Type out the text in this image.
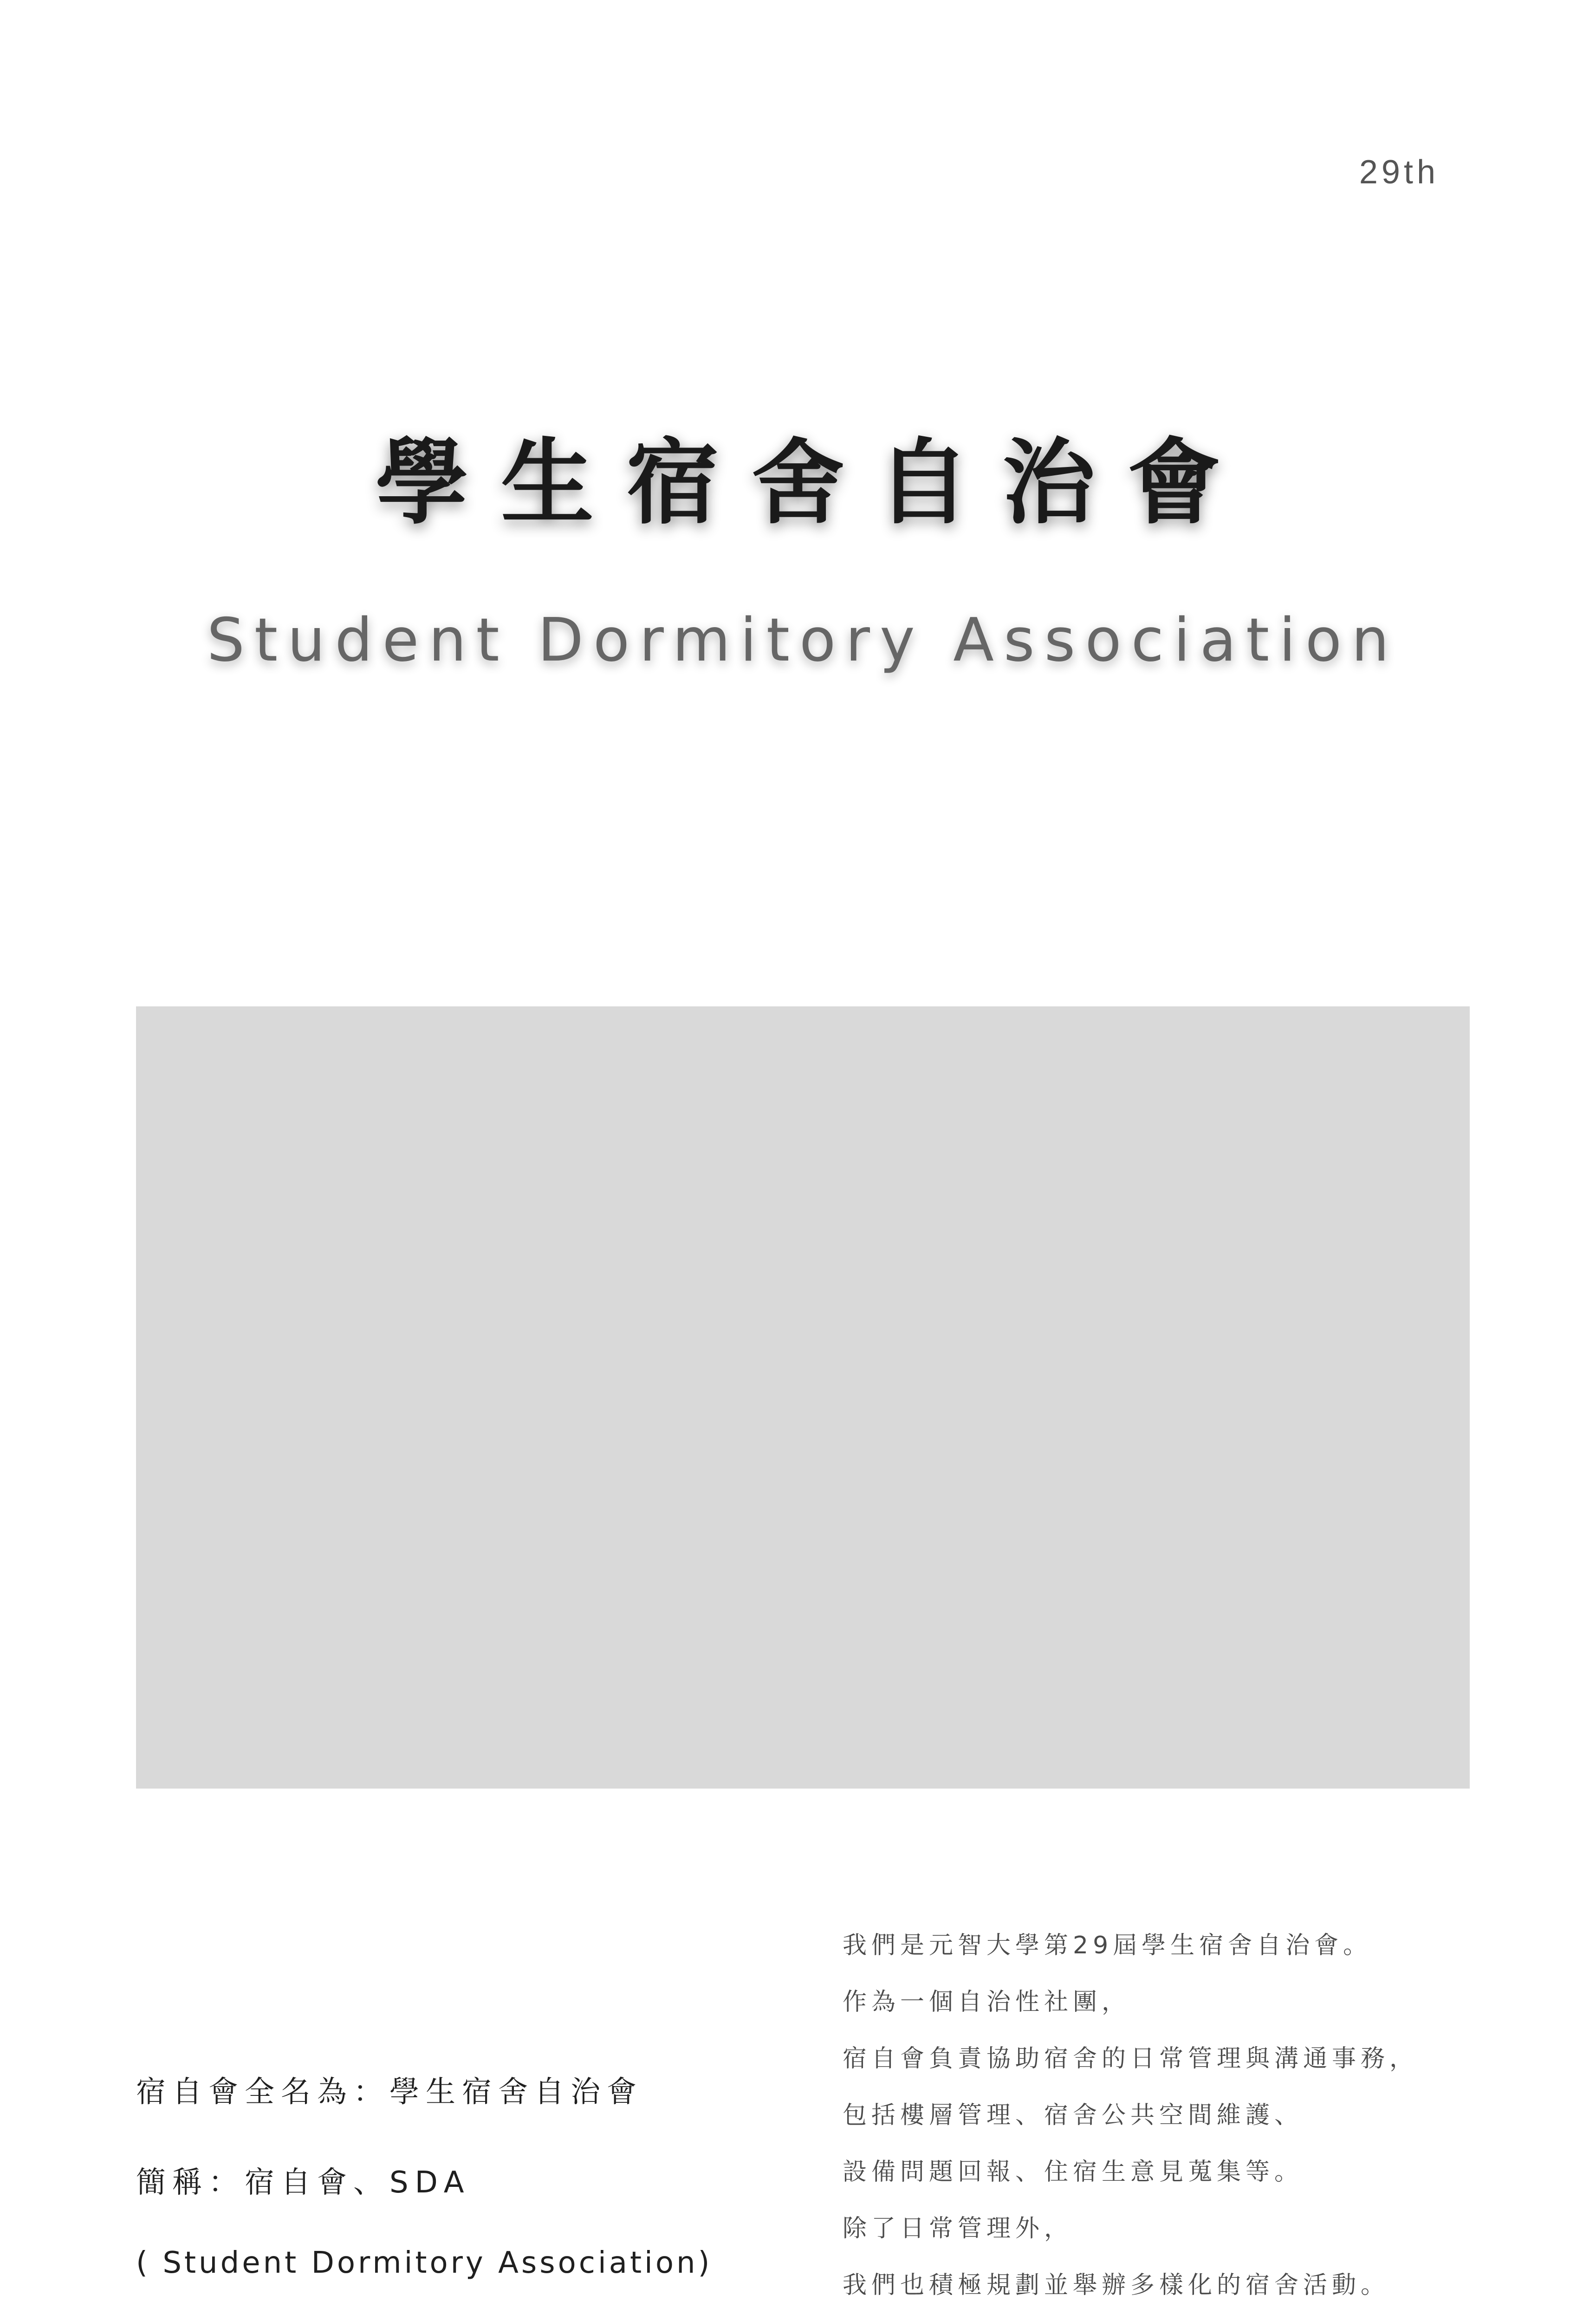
29th
學生宿舍自治會
Student Dormitory Association
宿自會全名為：學生宿舍自治會
簡稱：宿自會、SDA
( Student Dormitory Association)
我們是元智大學第29屆學生宿舍自治會。
作為一個自治性社團，
宿自會負責協助宿舍的日常管理與溝通事務，
包括樓層管理、宿舍公共空間維護、
設備問題回報、住宿生意見蒐集等。
除了日常管理外，
我們也積極規劃並舉辦多樣化的宿舍活動。
